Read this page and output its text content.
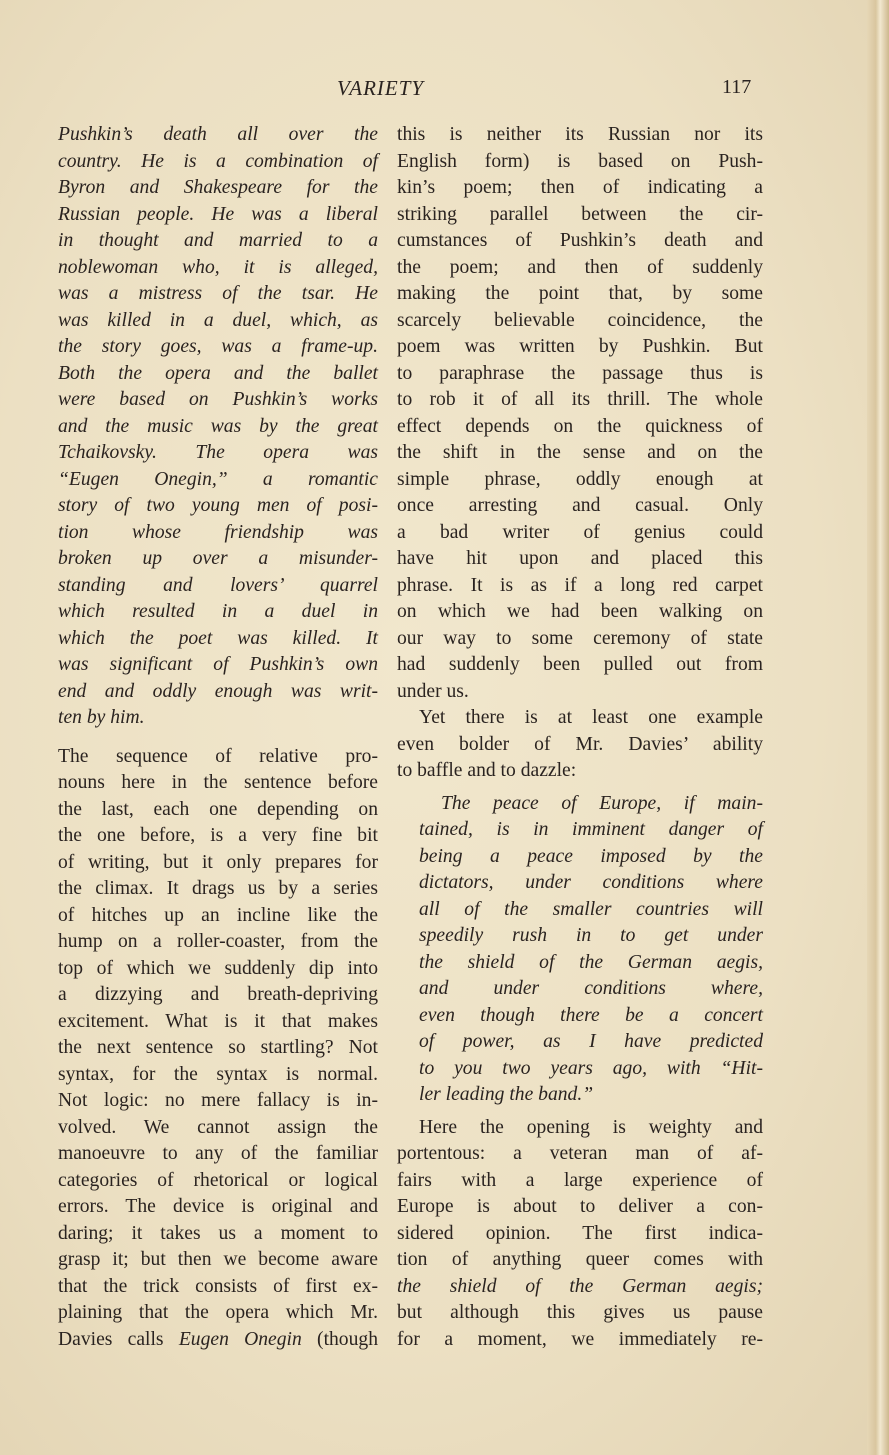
VARIETY	117
Pushkin’s death all over the
country. He is a combination of
Byron and Shakespeare for the
Russian people. He was a liberal
in thought and married to a
noblewoman who, it is alleged,
was a mistress of the tsar. He
was killed in a duel, which, as
the story goes, was a frame-up.
Both the opera and the ballet
were based on Pushkin’s works
and the music was by the great
Tchaikovsky. The opera was
“Eugen Onegin,” a romantic
story of two young men of posi-
tion whose friendship was
broken up over a misunder-
standing and lovers’ quarrel
which resulted in a duel in
which the poet was killed. It
was significant of Pushkin’s own
end and oddly enough was writ-
ten by him.
The sequence of relative pro-
nouns here in the sentence before
the last, each one depending on
the one before, is a very fine bit
of writing, but it only prepares for
the climax. It drags us by a series
of hitches up an incline like the
hump on a roller-coaster, from the
top of which we suddenly dip into
a dizzying and breath-depriving
excitement. What is it that makes
the next sentence so startling? Not
syntax, for the syntax is normal.
Not logic: no mere fallacy is in-
volved. We cannot assign the
manoeuvre to any of the familiar
categories of rhetorical or logical
errors. The device is original and
daring; it takes us a moment to
grasp it; but then we become aware
that the trick consists of first ex-
plaining that the opera which Mr.
Davies calls Eugen Onegin (though
this is neither its Russian nor its
English form) is based on Push-
kin’s poem; then of indicating a
striking parallel between the cir-
cumstances of Pushkin’s death and
the poem; and then of suddenly
making the point that, by some
scarcely believable coincidence, the
poem was written by Pushkin. But
to paraphrase the passage thus is
to rob it of all its thrill. The whole
effect depends on the quickness of
the shift in the sense and on the
simple phrase, oddly enough at
once arresting and casual. Only
a bad writer of genius could
have hit upon and placed this
phrase. It is as if a long red carpet
on which we had been walking on
our way to some ceremony of state
had suddenly been pulled out from
under us.
Yet there is at least one example
even bolder of Mr. Davies’ ability
to baffle and to dazzle:
The peace of Europe, if main-
tained, is in imminent danger of
being a peace imposed by the
dictators, under conditions where
all of the smaller countries will
speedily rush in to get under
the shield of the German aegis,
and under conditions where,
even though there be a concert
of power, as I have predicted
to you two years ago, with “Hit-
ler leading the band.”
Here the opening is weighty and
portentous: a veteran man of af-
fairs with a large experience of
Europe is about to deliver a con-
sidered opinion. The first indica-
tion of anything queer comes with
the shield of the German aegis;
but although this gives us pause
for a moment, we immediately re-
